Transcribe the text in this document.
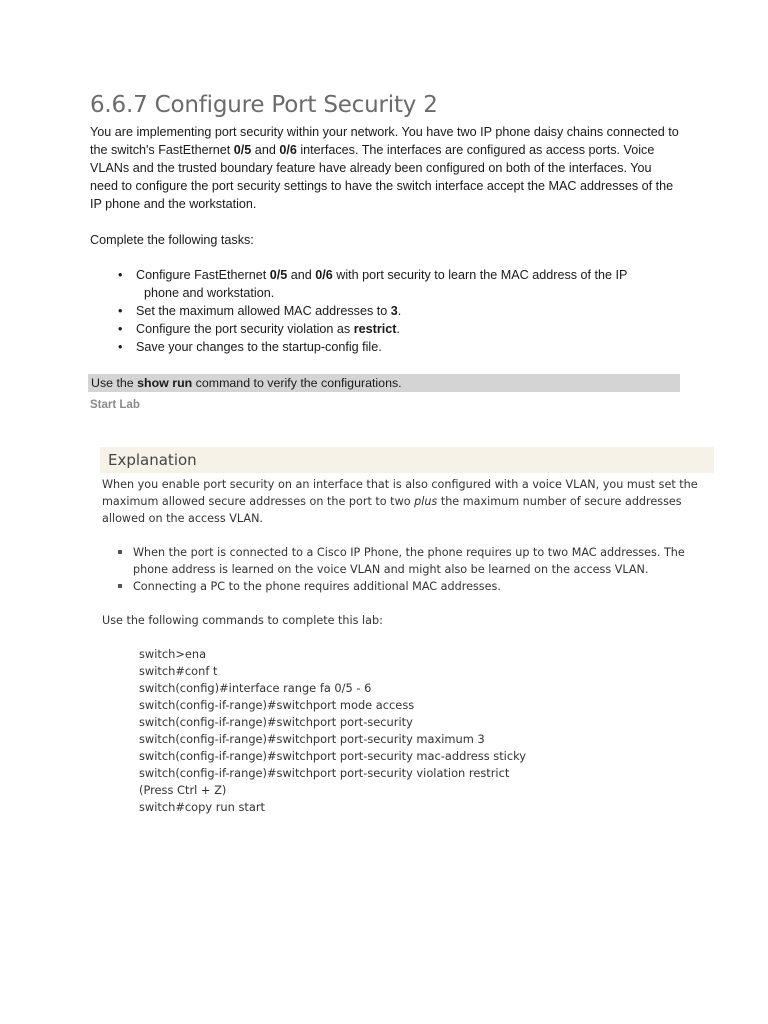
6.6.7 Configure Port Security 2

You are implementing port security within your network. You have two IP phone daisy chains connected to the switch's FastEthernet 0/5 and 0/6 interfaces. The interfaces are configured as access ports. Voice VLANs and the trusted boundary feature have already been configured on both of the interfaces. You need to configure the port security settings to have the switch interface accept the MAC addresses of the IP phone and the workstation.

Complete the following tasks:

• Configure FastEthernet 0/5 and 0/6 with port security to learn the MAC address of the IP
phone and workstation.
• Set the maximum allowed MAC addresses to 3.
• Configure the port security violation as restrict.
• Save your changes to the startup-config file.
Use the show run command to verify the configurations.
Start Lab
Explanation

When you enable port security on an interface that is also configured with a voice VLAN, you must set the maximum allowed secure addresses on the port to two plus the maximum number of secure addresses allowed on the access VLAN.

When the port is connected to a Cisco IP Phone, the phone requires up to two MAC addresses. The phone address is learned on the voice VLAN and might also be learned on the access VLAN.
Connecting a PC to the phone requires additional MAC addresses.

Use the following commands to complete this lab:

switch>ena
switch#conf t
switch(config)#interface range fa 0/5 - 6
switch(config-if-range)#switchport mode access
switch(config-if-range)#switchport port-security
switch(config-if-range)#switchport port-security maximum 3
switch(config-if-range)#switchport port-security mac-address sticky
switch(config-if-range)#switchport port-security violation restrict
(Press Ctrl + Z)
switch#copy run start
